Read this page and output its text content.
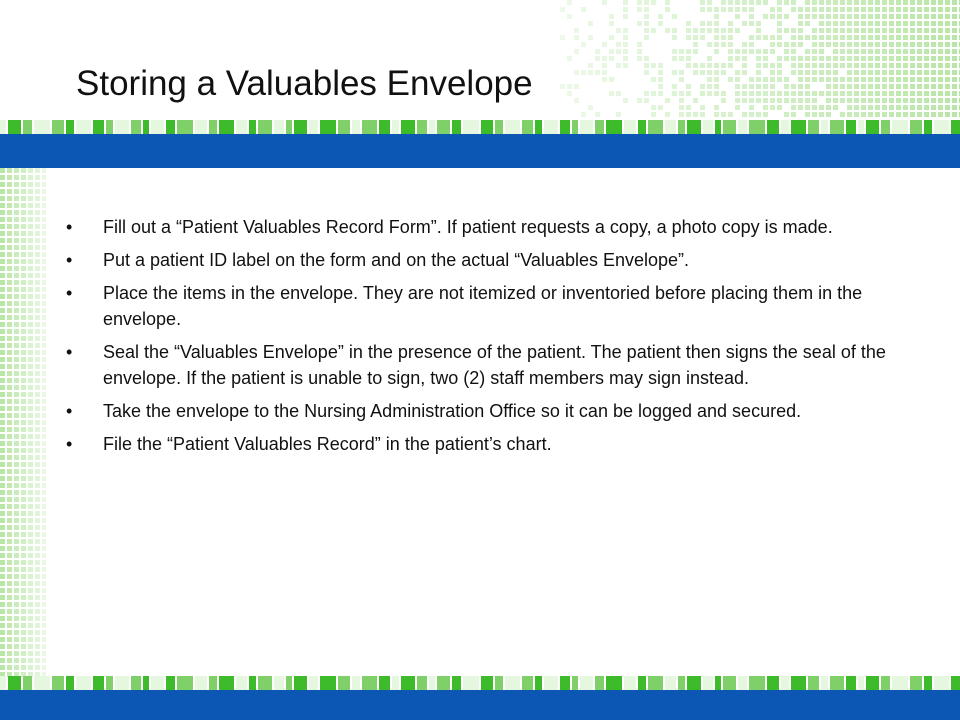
Storing a Valuables Envelope
• Fill out a “Patient Valuables Record Form”. If patient requests a copy, a photo copy is made.
• Put a patient ID label on the form and on the actual “Valuables Envelope”.
• Place the items in the envelope. They are not itemized or inventoried before placing them in the envelope.
• Seal the “Valuables Envelope” in the presence of the patient. The patient then signs the seal of the envelope. If the patient is unable to sign, two (2) staff members may sign instead.
• Take the envelope to the Nursing Administration Office so it can be logged and secured.
• File the “Patient Valuables Record” in the patient’s chart.
